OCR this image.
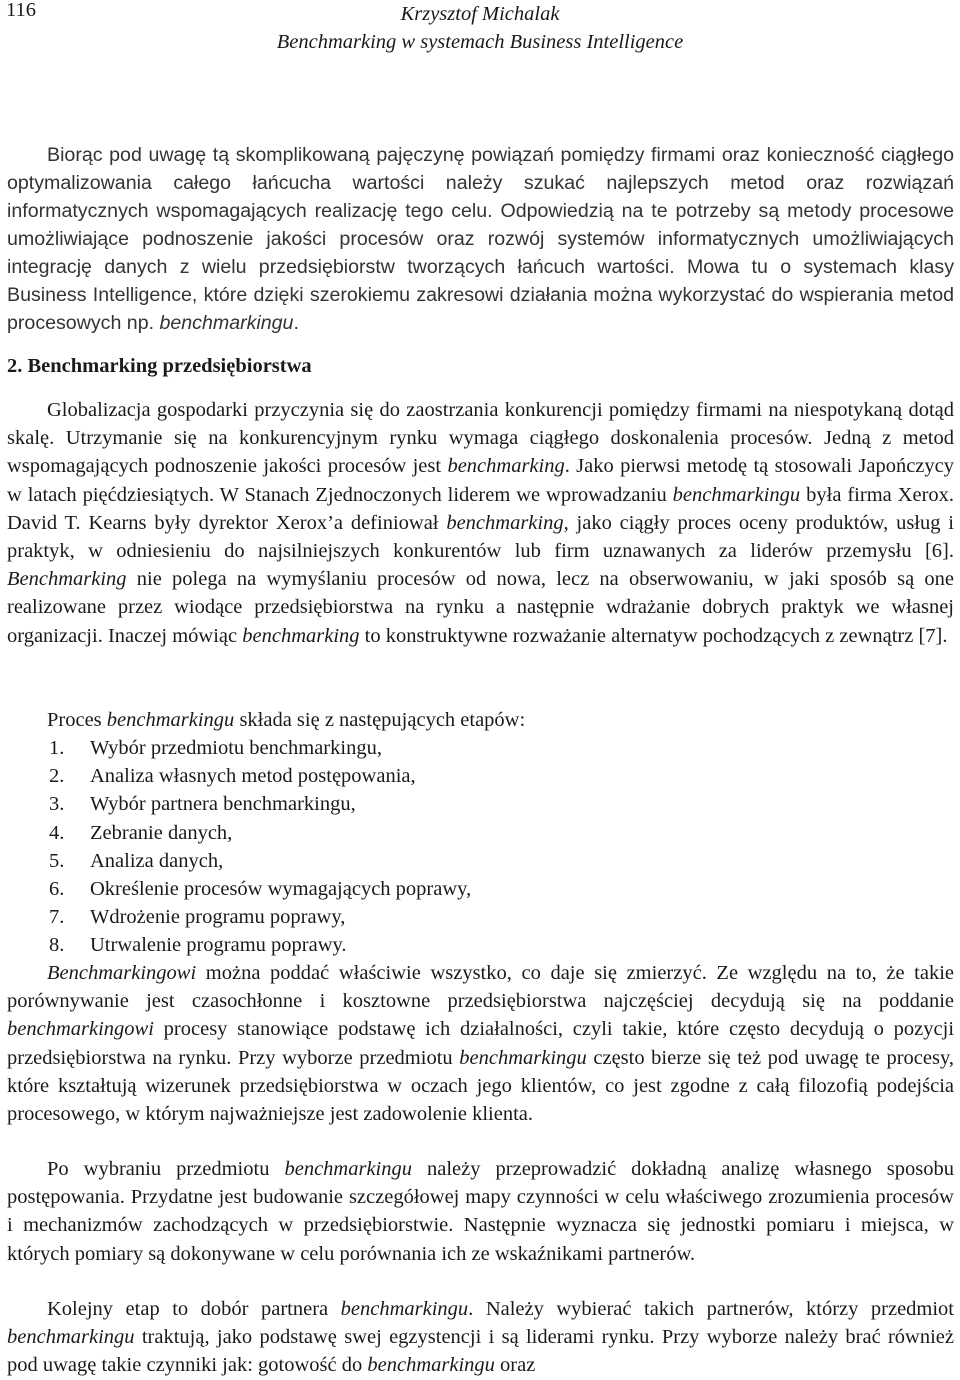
116	Krzysztof Michalak
Benchmarking w systemach Business Intelligence

Biorąc pod uwagę tą skomplikowaną pajęczynę powiązań pomiędzy firmami oraz konieczność ciągłego optymalizowania całego łańcucha wartości należy szukać najlepszych metod oraz rozwiązań informatycznych wspomagających realizację tego celu. Odpowiedzią na te potrzeby są metody procesowe umożliwiające podnoszenie jakości procesów oraz rozwój systemów informatycznych umożliwiających integrację danych z wielu przedsiębiorstw tworzących łańcuch wartości. Mowa tu o systemach klasy Business Intelligence, które dzięki szerokiemu zakresowi działania można wykorzystać do wspierania metod procesowych np. benchmarkingu.

2. Benchmarking przedsiębiorstwa

Globalizacja gospodarki przyczynia się do zaostrzania konkurencji pomiędzy firmami na niespotykaną dotąd skalę. Utrzymanie się na konkurencyjnym rynku wymaga ciągłego doskonalenia procesów. Jedną z metod wspomagających podnoszenie jakości procesów jest benchmarking. Jako pierwsi metodę tą stosowali Japończycy w latach pięćdziesiątych. W Stanach Zjednoczonych liderem we wprowadzaniu benchmarkingu była firma Xerox. David T. Kearns były dyrektor Xerox’a definiował benchmarking, jako ciągły proces oceny produktów, usług i praktyk, w odniesieniu do najsilniejszych konkurentów lub firm uznawanych za liderów przemysłu [6]. Benchmarking nie polega na wymyślaniu procesów od nowa, lecz na obserwowaniu, w jaki sposób są one realizowane przez wiodące przedsiębiorstwa na rynku a następnie wdrażanie dobrych praktyk we własnej organizacji. Inaczej mówiąc benchmarking to konstruktywne rozważanie alternatyw pochodzących z zewnątrz [7].

Proces benchmarkingu składa się z następujących etapów:

1. Wybór przedmiotu benchmarkingu,
2. Analiza własnych metod postępowania,
3. Wybór partnera benchmarkingu,
4. Zebranie danych,
5. Analiza danych,
6. Określenie procesów wymagających poprawy,
7. Wdrożenie programu poprawy,
8. Utrwalenie programu poprawy.

Benchmarkingowi można poddać właściwie wszystko, co daje się zmierzyć. Ze względu na to, że takie porównywanie jest czasochłonne i kosztowne przedsiębiorstwa najczęściej decydują się na poddanie benchmarkingowi procesy stanowiące podstawę ich działalności, czyli takie, które często decydują o pozycji przedsiębiorstwa na rynku. Przy wyborze przedmiotu benchmarkingu często bierze się też pod uwagę te procesy, które kształtują wizerunek przedsiębiorstwa w oczach jego klientów, co jest zgodne z całą filozofią podejścia procesowego, w którym najważniejsze jest zadowolenie klienta.

Po wybraniu przedmiotu benchmarkingu należy przeprowadzić dokładną analizę własnego sposobu postępowania. Przydatne jest budowanie szczegółowej mapy czynności w celu właściwego zrozumienia procesów i mechanizmów zachodzących w przedsiębiorstwie. Następnie wyznacza się jednostki pomiaru i miejsca, w których pomiary są dokonywane w celu porównania ich ze wskaźnikami partnerów.

Kolejny etap to dobór partnera benchmarkingu. Należy wybierać takich partnerów, którzy przedmiot benchmarkingu traktują, jako podstawę swej egzystencji i są liderami rynku. Przy wyborze należy brać również pod uwagę takie czynniki jak: gotowość do benchmarkingu oraz
